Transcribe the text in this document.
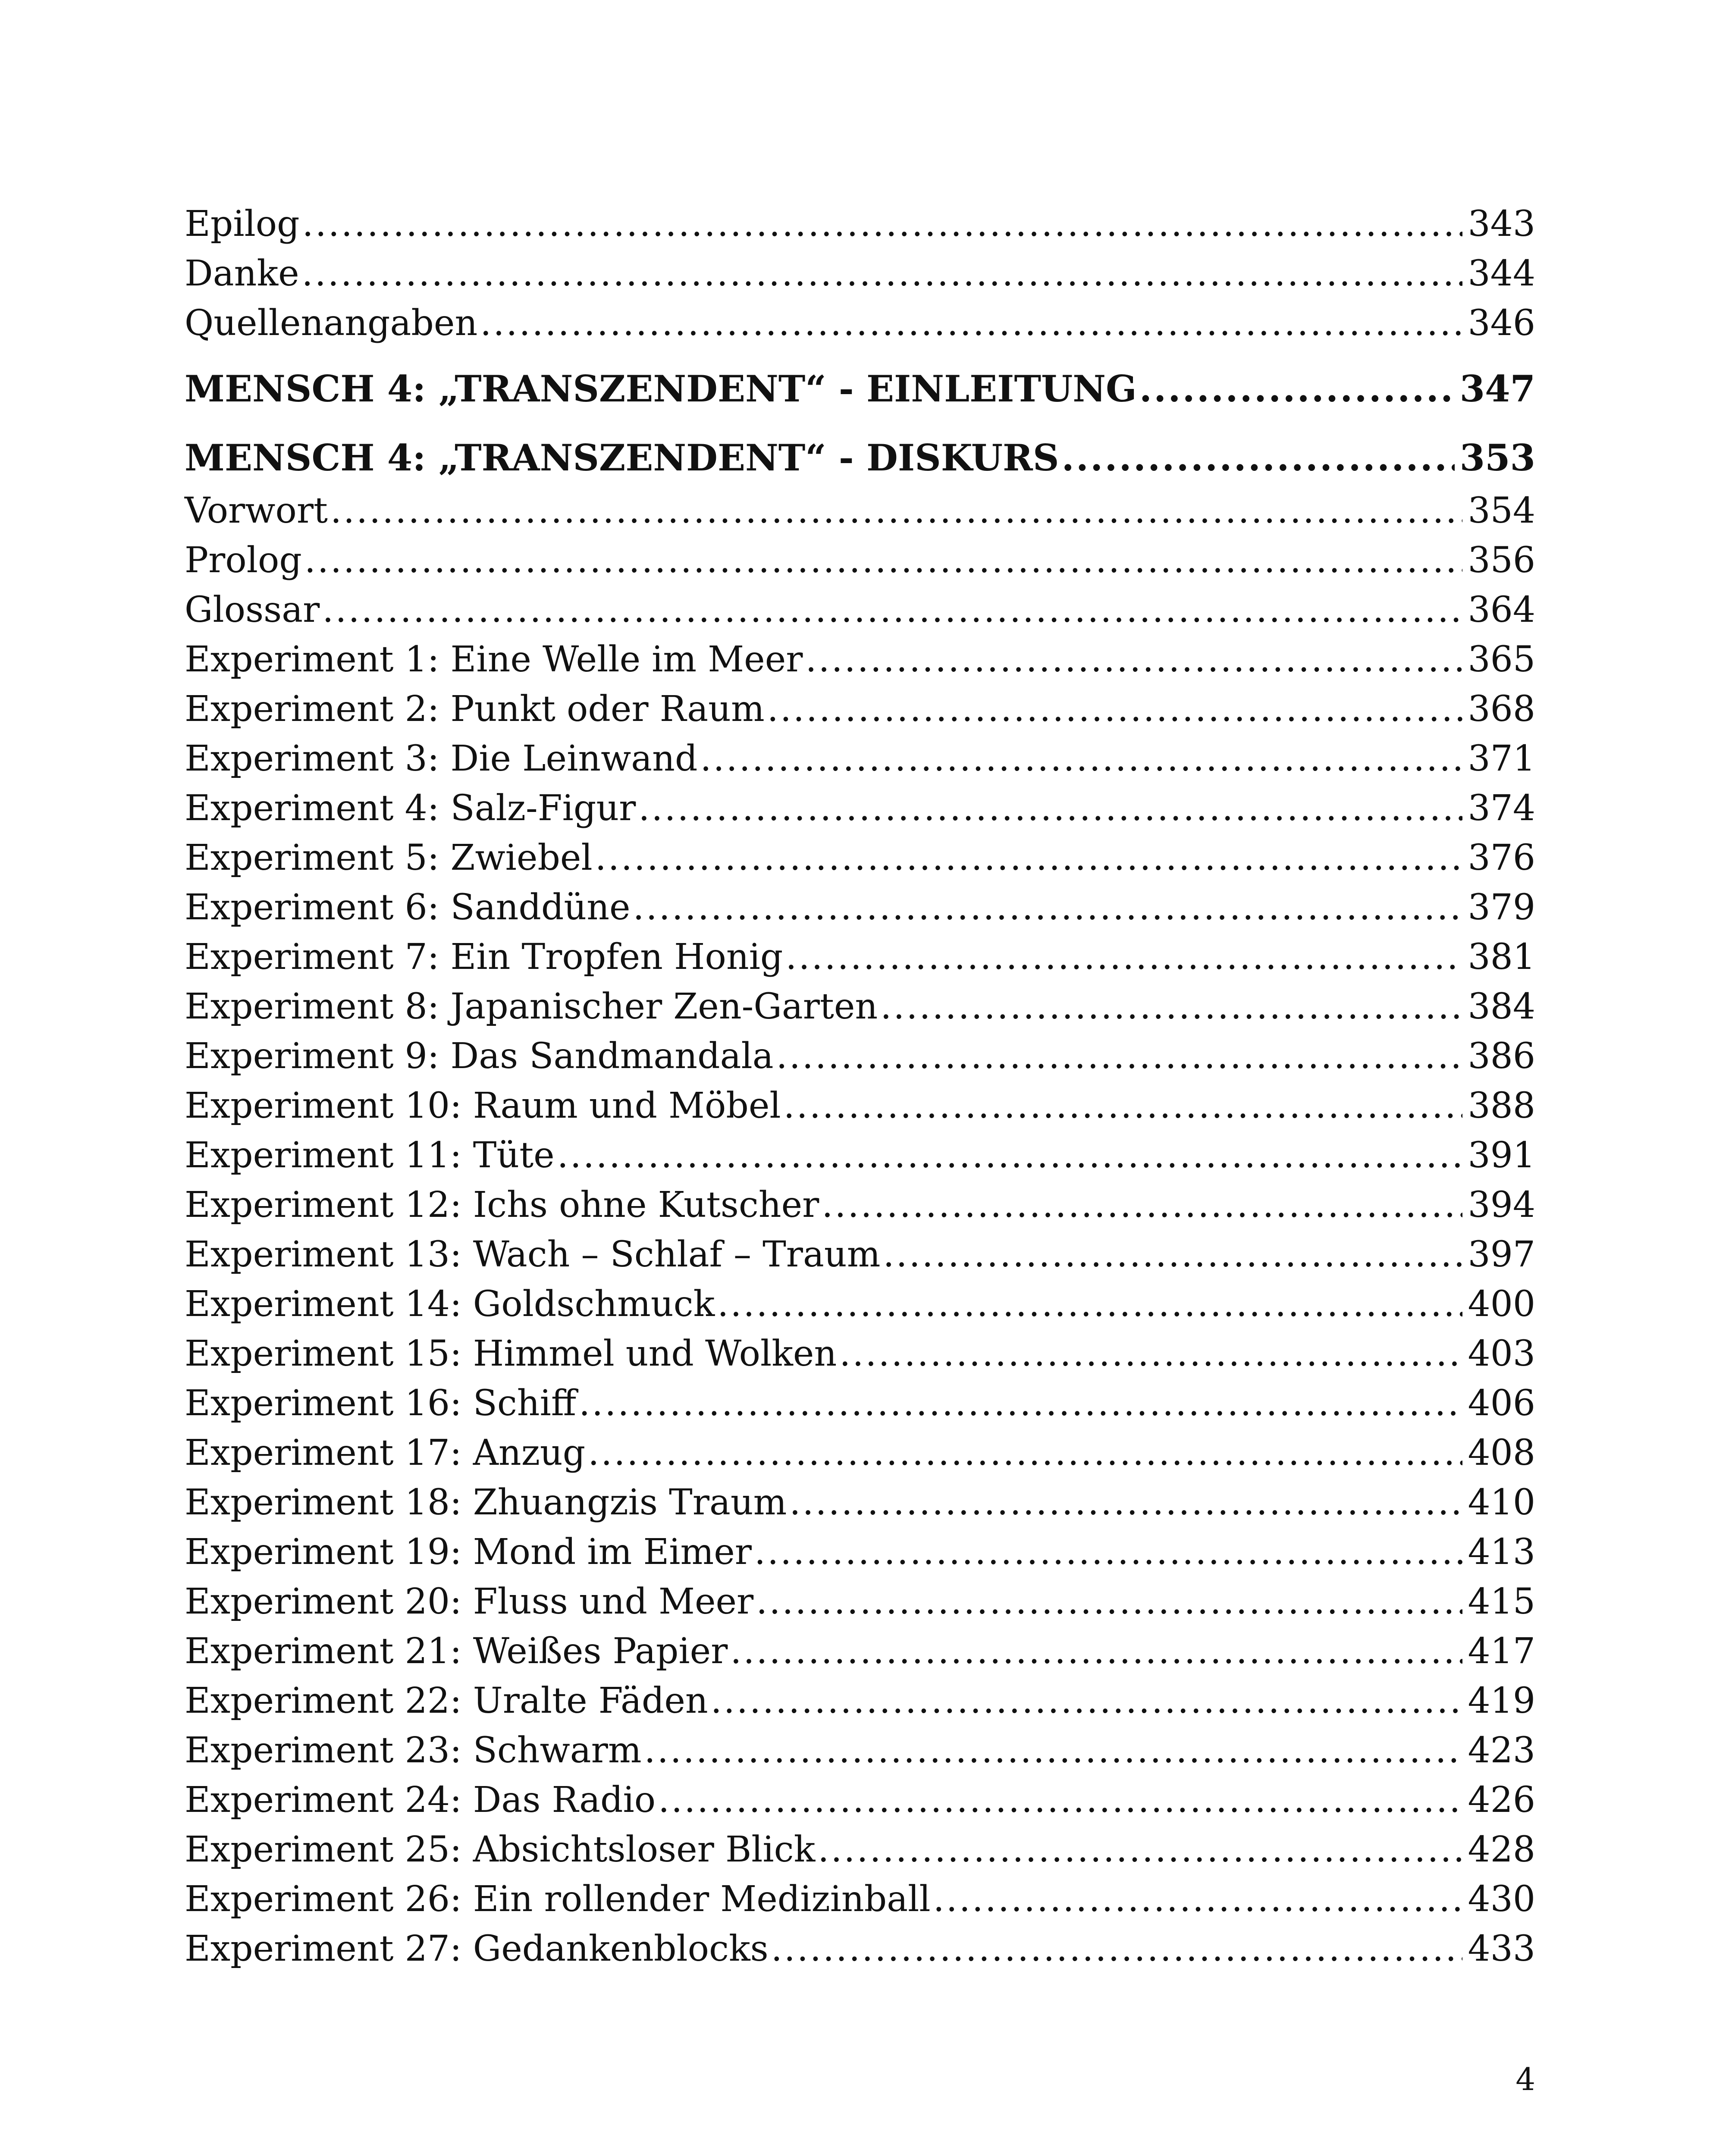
Epilog .....	343
Danke .....	344
Quellenangaben .....	346
MENSCH 4: „TRANSZENDENT“ - EINLEITUNG .....	347
MENSCH 4: „TRANSZENDENT“ - DISKURS .....	353
Vorwort .....	354
Prolog .....	356
Glossar .....	364
Experiment 1: Eine Welle im Meer .....	365
Experiment 2: Punkt oder Raum .....	368
Experiment 3: Die Leinwand .....	371
Experiment 4: Salz-Figur .....	374
Experiment 5: Zwiebel .....	376
Experiment 6: Sanddüne .....	379
Experiment 7: Ein Tropfen Honig .....	381
Experiment 8: Japanischer Zen-Garten .....	384
Experiment 9: Das Sandmandala .....	386
Experiment 10: Raum und Möbel .....	388
Experiment 11: Tüte .....	391
Experiment 12: Ichs ohne Kutscher .....	394
Experiment 13: Wach – Schlaf – Traum .....	397
Experiment 14: Goldschmuck .....	400
Experiment 15: Himmel und Wolken .....	403
Experiment 16: Schiff .....	406
Experiment 17: Anzug .....	408
Experiment 18: Zhuangzis Traum .....	410
Experiment 19: Mond im Eimer .....	413
Experiment 20: Fluss und Meer .....	415
Experiment 21: Weißes Papier .....	417
Experiment 22: Uralte Fäden .....	419
Experiment 23: Schwarm .....	423
Experiment 24: Das Radio .....	426
Experiment 25: Absichtsloser Blick .....	428
Experiment 26: Ein rollender Medizinball .....	430
Experiment 27: Gedankenblocks .....	433
4
